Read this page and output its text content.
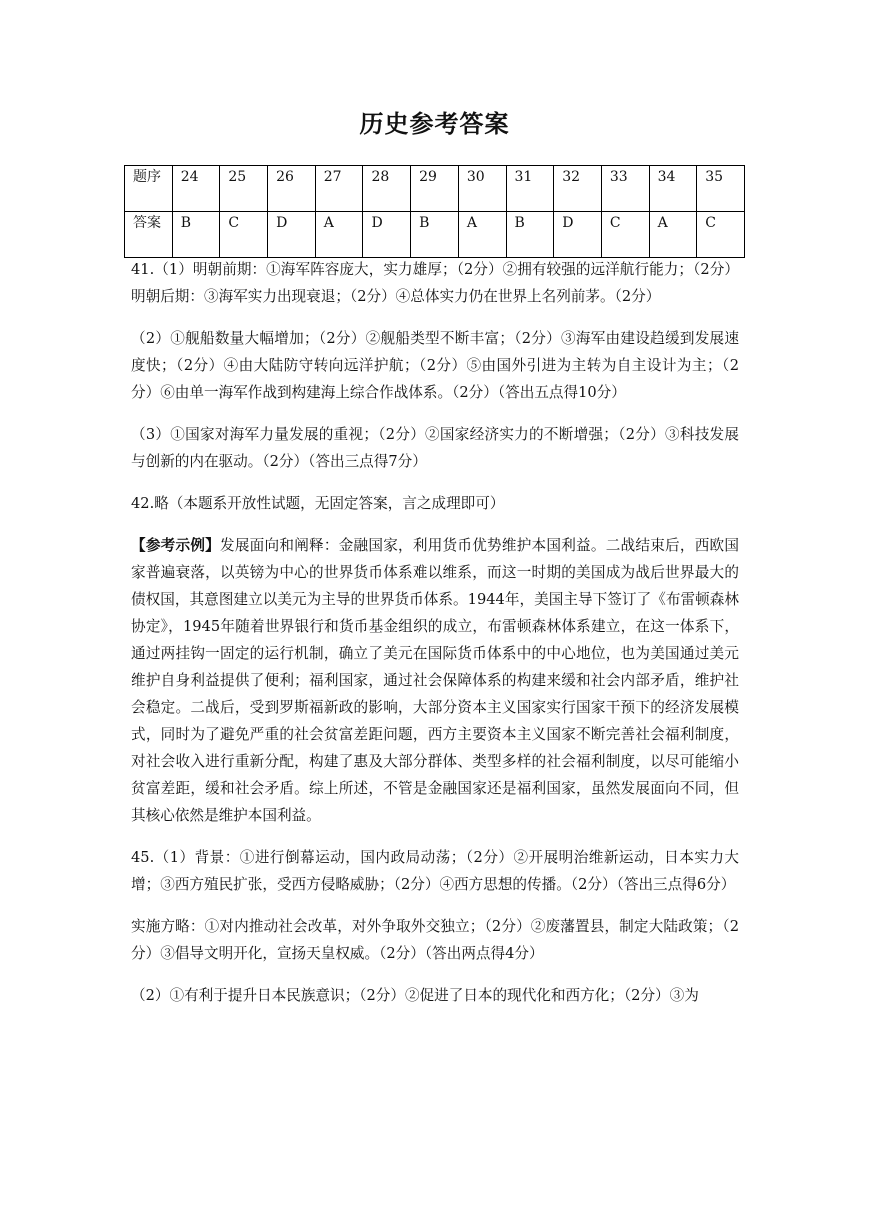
历史参考答案
题序	24	25	26	27	28	29	30	31	32	33	34	35
答案	B	C	D	A	D	B	A	B	D	C	A	C

41.（1）明朝前期：①海军阵容庞大，实力雄厚；（2分）②拥有较强的远洋航行能力；（2分）明朝后期：③海军实力出现衰退；（2分）④总体实力仍在世界上名列前茅。（2分）

（2）①舰船数量大幅增加；（2分）②舰船类型不断丰富；（2分）③海军由建设趋缓到发展速度快；（2分）④由大陆防守转向远洋护航；（2分）⑤由国外引进为主转为自主设计为主；（2分）⑥由单一海军作战到构建海上综合作战体系。（2分）（答出五点得10分）

（3）①国家对海军力量发展的重视；（2分）②国家经济实力的不断增强；（2分）③科技发展与创新的内在驱动。（2分）（答出三点得7分）

42.略（本题系开放性试题，无固定答案，言之成理即可）

【参考示例】发展面向和阐释：金融国家，利用货币优势维护本国利益。二战结束后，西欧国家普遍衰落，以英镑为中心的世界货币体系难以维系，而这一时期的美国成为战后世界最大的债权国，其意图建立以美元为主导的世界货币体系。1944年，美国主导下签订了《布雷顿森林协定》，1945年随着世界银行和货币基金组织的成立，布雷顿森林体系建立，在这一体系下，通过两挂钩一固定的运行机制，确立了美元在国际货币体系中的中心地位，也为美国通过美元维护自身利益提供了便利；福利国家，通过社会保障体系的构建来缓和社会内部矛盾，维护社会稳定。二战后，受到罗斯福新政的影响，大部分资本主义国家实行国家干预下的经济发展模式，同时为了避免严重的社会贫富差距问题，西方主要资本主义国家不断完善社会福利制度，对社会收入进行重新分配，构建了惠及大部分群体、类型多样的社会福利制度，以尽可能缩小贫富差距，缓和社会矛盾。综上所述，不管是金融国家还是福利国家，虽然发展面向不同，但其核心依然是维护本国利益。

45.（1）背景：①进行倒幕运动，国内政局动荡；（2分）②开展明治维新运动，日本实力大增；③西方殖民扩张，受西方侵略威胁；（2分）④西方思想的传播。（2分）（答出三点得6分）

实施方略：①对内推动社会改革，对外争取外交独立；（2分）②废藩置县，制定大陆政策；（2分）③倡导文明开化，宣扬天皇权威。（2分）（答出两点得4分）

（2）①有利于提升日本民族意识；（2分）②促进了日本的现代化和西方化；（2分）③为
